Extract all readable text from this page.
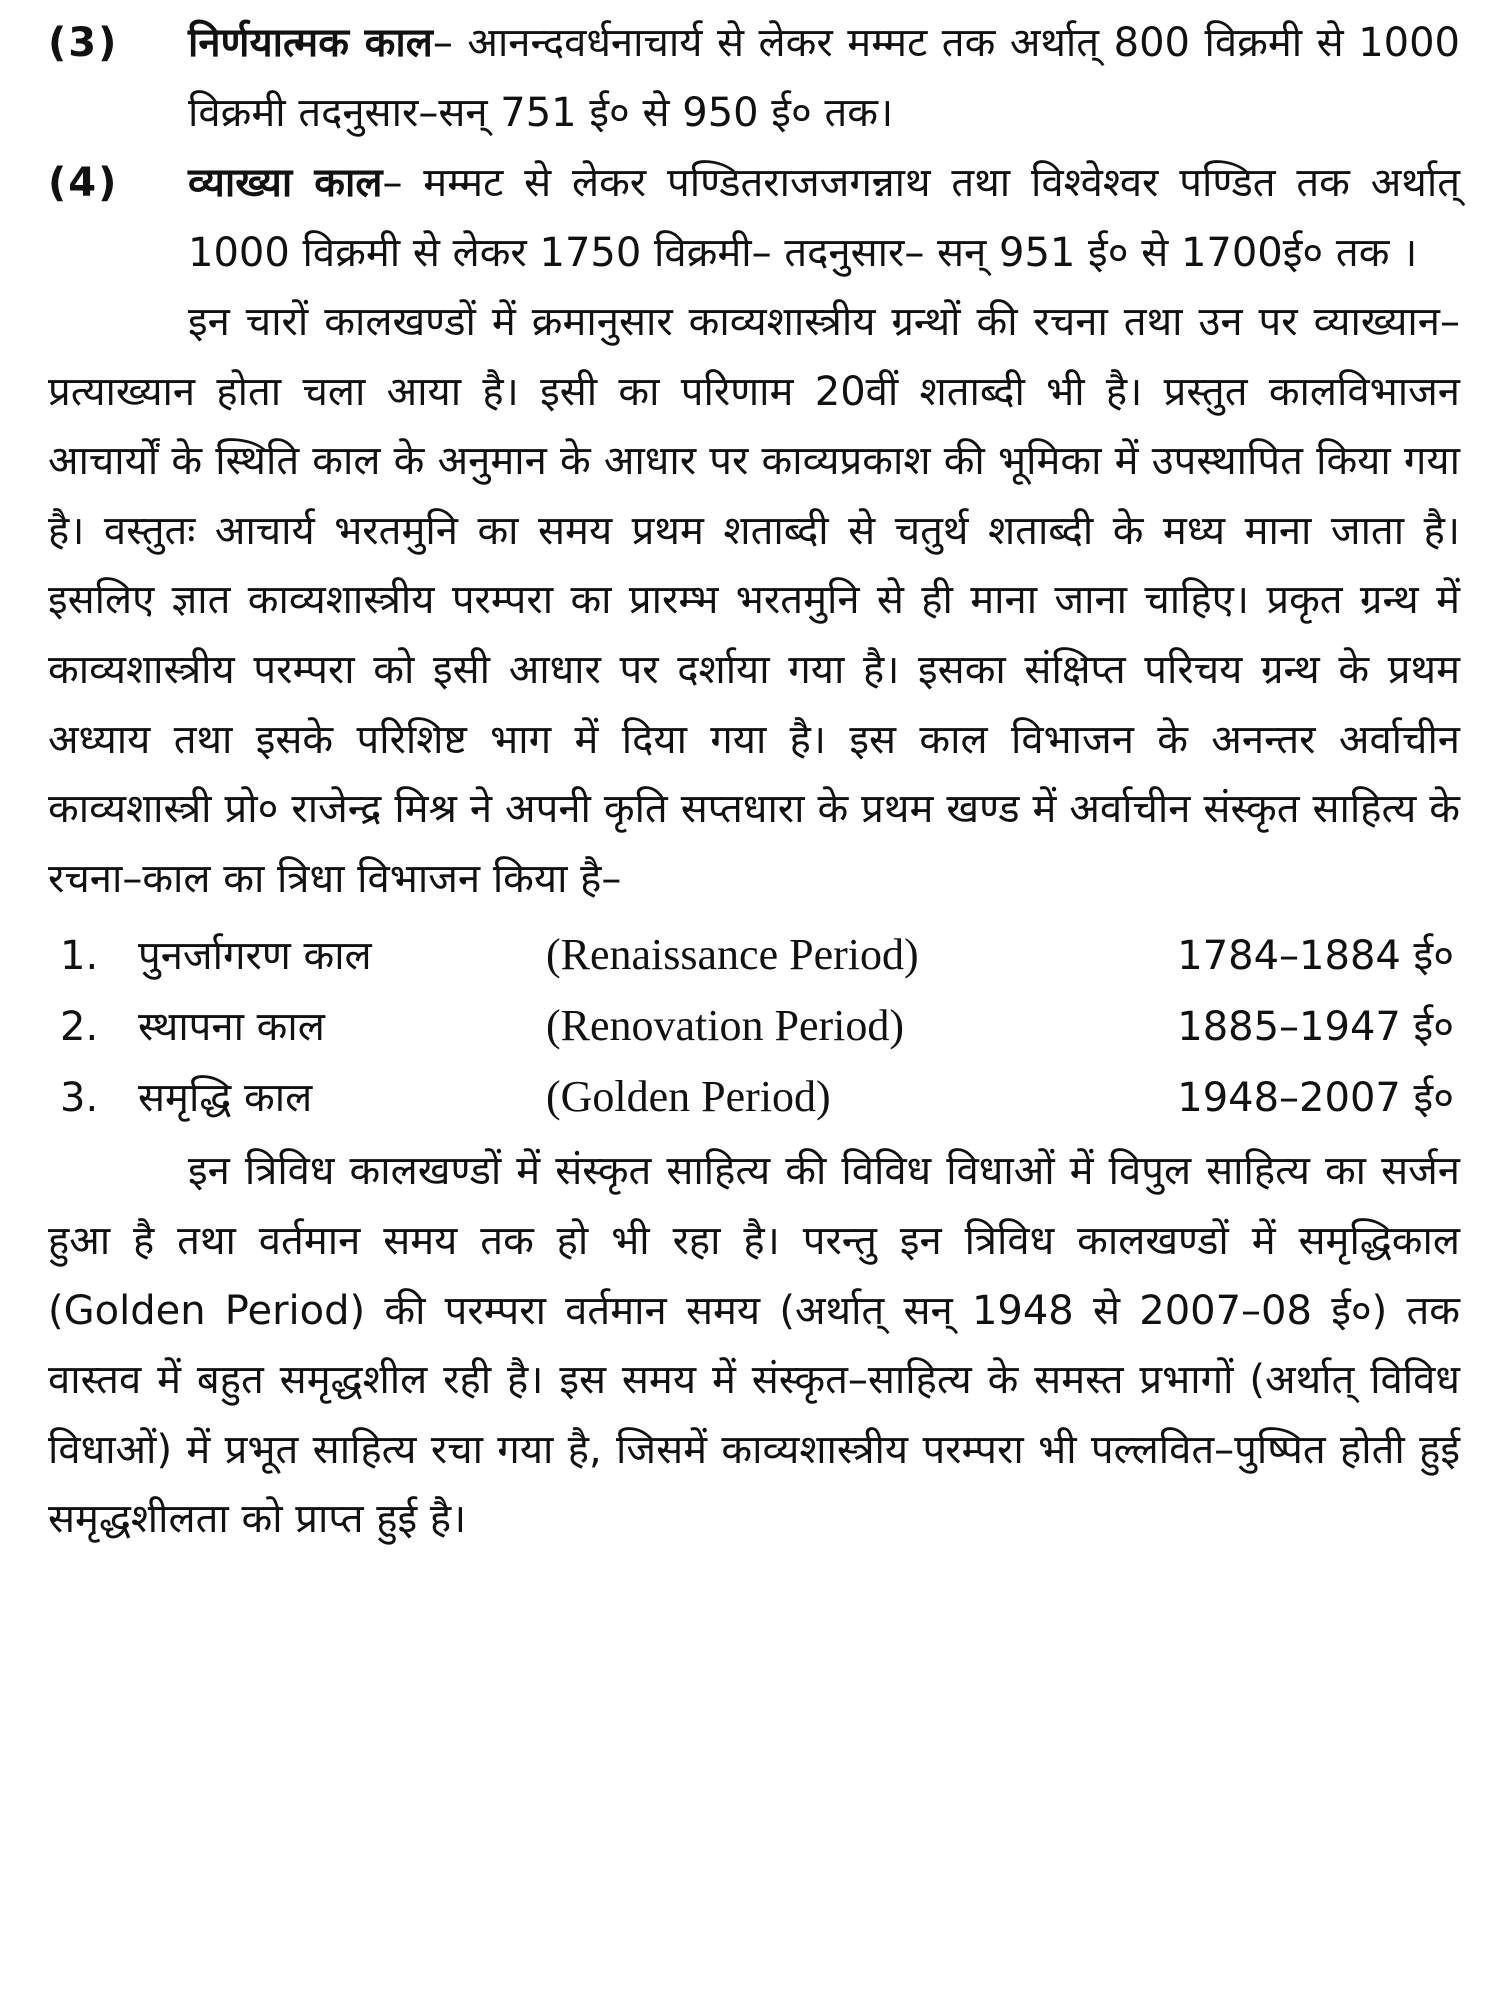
(3)	निर्णयात्मक काल– आनन्दवर्धनाचार्य से लेकर मम्मट तक अर्थात् 800 विक्रमी से 1000 विक्रमी तदनुसार–सन् 751 ई० से 950 ई० तक।

(4)	व्याख्या काल– मम्मट से लेकर पण्डितराजजगन्नाथ तथा विश्वेश्वर पण्डित तक अर्थात् 1000 विक्रमी से लेकर 1750 विक्रमी– तदनुसार– सन् 951 ई० से 1700ई० तक ।

इन चारों कालखण्डों में क्रमानुसार काव्यशास्त्रीय ग्रन्थों की रचना तथा उन पर व्याख्यान–प्रत्याख्यान होता चला आया है। इसी का परिणाम 20वीं शताब्दी भी है। प्रस्तुत कालविभाजन आचार्यों के स्थिति काल के अनुमान के आधार पर काव्यप्रकाश की भूमिका में उपस्थापित किया गया है। वस्तुतः आचार्य भरतमुनि का समय प्रथम शताब्दी से चतुर्थ शताब्दी के मध्य माना जाता है। इसलिए ज्ञात काव्यशास्त्रीय परम्परा का प्रारम्भ भरतमुनि से ही माना जाना चाहिए। प्रकृत ग्रन्थ में काव्यशास्त्रीय परम्परा को इसी आधार पर दर्शाया गया है। इसका संक्षिप्त परिचय ग्रन्थ के प्रथम अध्याय तथा इसके परिशिष्ट भाग में दिया गया है। इस काल विभाजन के अनन्तर अर्वाचीन काव्यशास्त्री प्रो० राजेन्द्र मिश्र ने अपनी कृति सप्तधारा के प्रथम खण्ड में अर्वाचीन संस्कृत साहित्य के रचना–काल का त्रिधा विभाजन किया है–

1. पुनर्जागरण काल	(Renaissance Period)	1784–1884 ई०
2. स्थापना काल	(Renovation Period)	1885–1947 ई०
3. समृद्धि काल	(Golden Period)	1948–2007 ई०

इन त्रिविध कालखण्डों में संस्कृत साहित्य की विविध विधाओं में विपुल साहित्य का सर्जन हुआ है तथा वर्तमान समय तक हो भी रहा है। परन्तु इन त्रिविध कालखण्डों में समृद्धिकाल (Golden Period) की परम्परा वर्तमान समय (अर्थात् सन् 1948 से 2007–08 ई०) तक वास्तव में बहुत समृद्धशील रही है। इस समय में संस्कृत–साहित्य के समस्त प्रभागों (अर्थात् विविध विधाओं) में प्रभूत साहित्य रचा गया है, जिसमें काव्यशास्त्रीय परम्परा भी पल्लवित–पुष्पित होती हुई समृद्धशीलता को प्राप्त हुई है।
